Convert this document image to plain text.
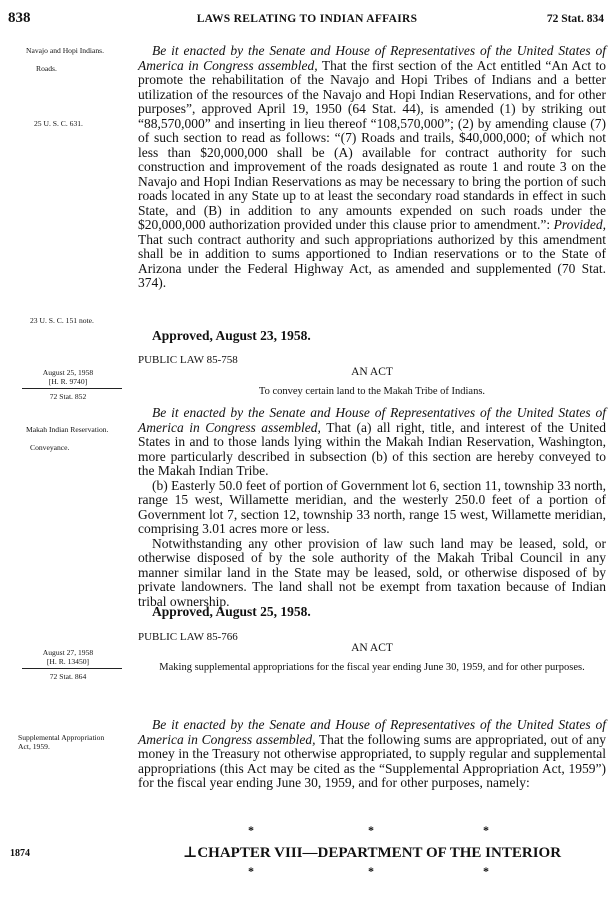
838	LAWS RELATING TO INDIAN AFFAIRS	72 Stat. 834
Navajo and Hopi Indians.
Roads.
25 U. S. C. 631.
23 U. S. C. 151 note.
August 25, 1958
[H. R. 9740]
72 Stat. 852
Makah Indian Reservation.
Conveyance.
August 27, 1958
[H. R. 13450]
72 Stat. 864
Supplemental Appropriation Act, 1959.

Be it enacted by the Senate and House of Representatives of the United States of America in Congress assembled, That the first section of the Act entitled “An Act to promote the rehabilitation of the Navajo and Hopi Tribes of Indians and a better utilization of the resources of the Navajo and Hopi Indian Reservations, and for other purposes”, approved April 19, 1950 (64 Stat. 44), is amended (1) by striking out “88,570,000” and inserting in lieu thereof “108,570,000”; (2) by amending clause (7) of such section to read as follows: “(7) Roads and trails, $40,000,000; of which not less than $20,000,000 shall be (A) available for contract authority for such construction and improvement of the roads designated as route 1 and route 3 on the Navajo and Hopi Indian Reservations as may be necessary to bring the portion of such roads located in any State up to at least the secondary road standards in effect in such State, and (B) in addition to any amounts expended on such roads under the $20,000,000 authorization provided under this clause prior to amendment.”: Provided, That such contract authority and such appropriations authorized by this amendment shall be in addition to sums apportioned to Indian reservations or to the State of Arizona under the Federal Highway Act, as amended and supplemented (70 Stat. 374).

Approved, August 23, 1958.
PUBLIC LAW 85-758
AN ACT
To convey certain land to the Makah Tribe of Indians.

Be it enacted by the Senate and House of Representatives of the United States of America in Congress assembled, That (a) all right, title, and interest of the United States in and to those lands lying within the Makah Indian Reservation, Washington, more particularly described in subsection (b) of this section are hereby conveyed to the Makah Indian Tribe.

(b) Easterly 50.0 feet of portion of Government lot 6, section 11, township 33 north, range 15 west, Willamette meridian, and the westerly 250.0 feet of a portion of Government lot 7, section 12, township 33 north, range 15 west, Willamette meridian, comprising 3.01 acres more or less.

Notwithstanding any other provision of law such land may be leased, sold, or otherwise disposed of by the sole authority of the Makah Tribal Council in any manner similar land in the State may be leased, sold, or otherwise disposed of by private landowners. The land shall not be exempt from taxation because of Indian tribal ownership.

Approved, August 25, 1958.
PUBLIC LAW 85-766
AN ACT
Making supplemental appropriations for the fiscal year ending June 30, 1959, and for other purposes.

Be it enacted by the Senate and House of Representatives of the United States of America in Congress assembled, That the following sums are appropriated, out of any money in the Treasury not otherwise appropriated, to supply regular and supplemental appropriations (this Act may be cited as the “Supplemental Appropriation Act, 1959”) for the fiscal year ending June 30, 1959, and for other purposes, namely:

*	*	*
⊥CHAPTER VIII—DEPARTMENT OF THE INTERIOR
*	*	*
1874
